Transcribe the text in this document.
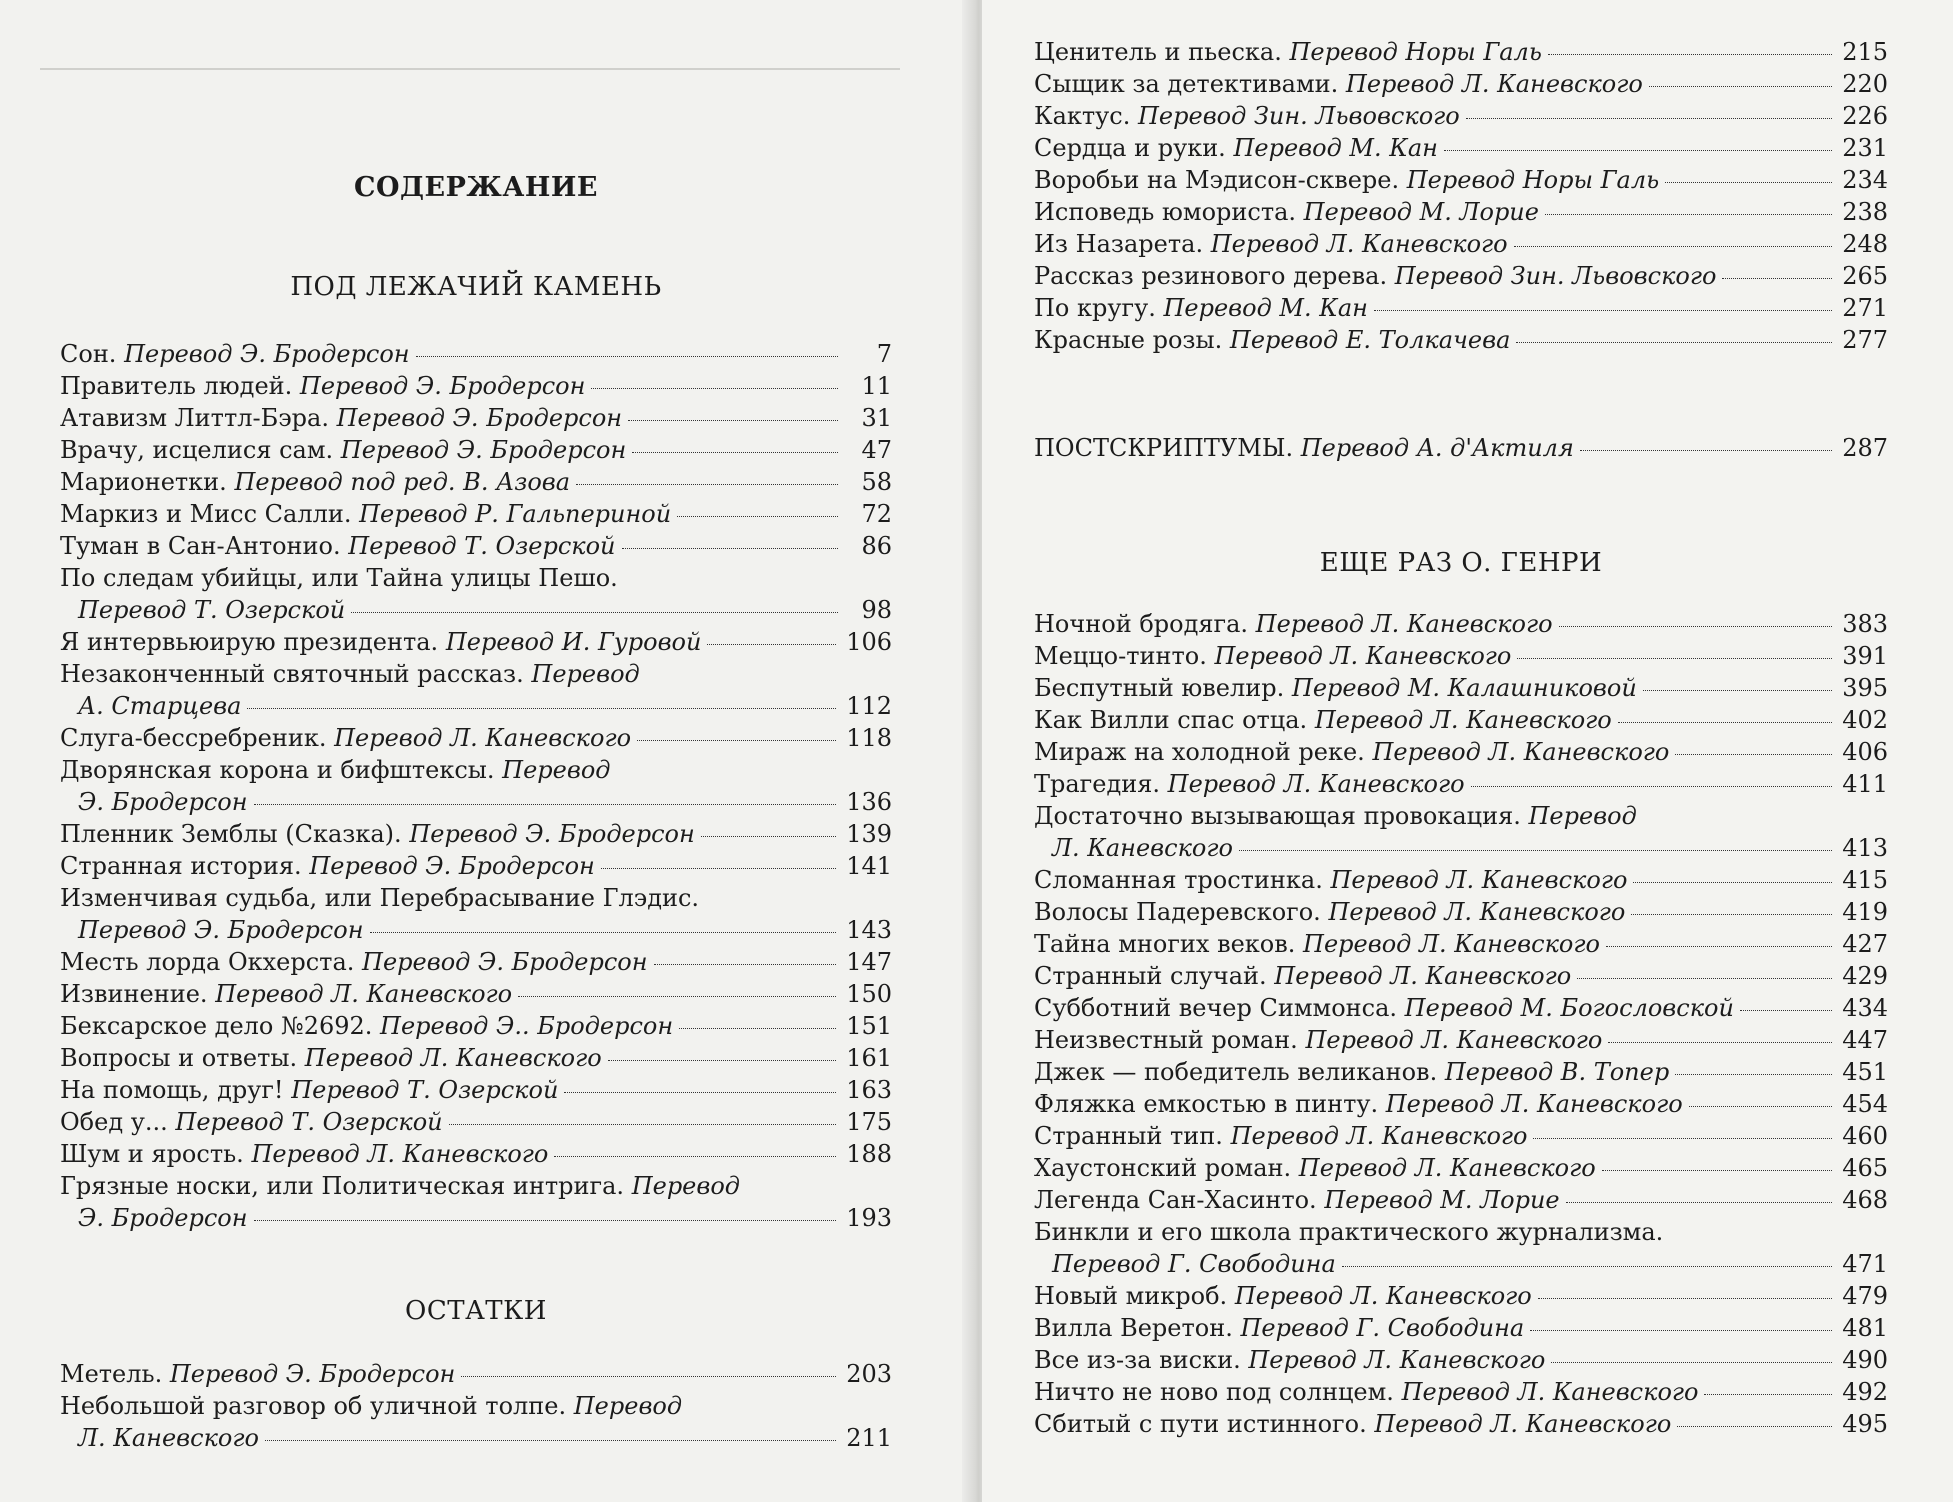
СОДЕРЖАНИЕ
ПОД ЛЕЖАЧИЙ КАМЕНЬ
Сон. Перевод Э. Бродерсон	7
Правитель людей. Перевод Э. Бродерсон	11
Атавизм Литтл-Бэра. Перевод Э. Бродерсон	31
Врачу, исцелися сам. Перевод Э. Бродерсон	47
Марионетки. Перевод под ред. В. Азова	58
Маркиз и Мисс Салли. Перевод Р. Гальпериной	72
Туман в Сан-Антонио. Перевод Т. Озерской	86
По следам убийцы, или Тайна улицы Пешо.
Перевод Т. Озерской	98
Я интервьюирую президента. Перевод И. Гуровой	106
Незаконченный святочный рассказ. Перевод
А. Старцева	112
Слуга-бессребреник. Перевод Л. Каневского	118
Дворянская корона и бифштексы. Перевод
Э. Бродерсон	136
Пленник Земблы (Сказка). Перевод Э. Бродерсон	139
Странная история. Перевод Э. Бродерсон	141
Изменчивая судьба, или Перебрасывание Глэдис.
Перевод Э. Бродерсон	143
Месть лорда Окхерста. Перевод Э. Бродерсон	147
Извинение. Перевод Л. Каневского	150
Бексарское дело №2692. Перевод Э.. Бродерсон	151
Вопросы и ответы. Перевод Л. Каневского	161
На помощь, друг! Перевод Т. Озерской	163
Обед у... Перевод Т. Озерской	175
Шум и ярость. Перевод Л. Каневского	188
Грязные носки, или Политическая интрига. Перевод
Э. Бродерсон	193
ОСТАТКИ
Метель. Перевод Э. Бродерсон	203
Небольшой разговор об уличной толпе. Перевод
Л. Каневского	211
Ценитель и пьеска. Перевод Норы Галь	215
Сыщик за детективами. Перевод Л. Каневского	220
Кактус. Перевод Зин. Львовского	226
Сердца и руки. Перевод М. Кан	231
Воробьи на Мэдисон-сквере. Перевод Норы Галь	234
Исповедь юмориста. Перевод М. Лорие	238
Из Назарета. Перевод Л. Каневского	248
Рассказ резинового дерева. Перевод Зин. Львовского	265
По кругу. Перевод М. Кан	271
Красные розы. Перевод Е. Толкачева	277
ПОСТСКРИПТУМЫ. Перевод А. д'Актиля	287
ЕЩЕ РАЗ О. ГЕНРИ
Ночной бродяга. Перевод Л. Каневского	383
Меццо-тинто. Перевод Л. Каневского	391
Беспутный ювелир. Перевод М. Калашниковой	395
Как Вилли спас отца. Перевод Л. Каневского	402
Мираж на холодной реке. Перевод Л. Каневского	406
Трагедия. Перевод Л. Каневского	411
Достаточно вызывающая провокация. Перевод
Л. Каневского	413
Сломанная тростинка. Перевод Л. Каневского	415
Волосы Падеревского. Перевод Л. Каневского	419
Тайна многих веков. Перевод Л. Каневского	427
Странный случай. Перевод Л. Каневского	429
Субботний вечер Симмонса. Перевод М. Богословской	434
Неизвестный роман. Перевод Л. Каневского	447
Джек — победитель великанов. Перевод В. Топер	451
Фляжка емкостью в пинту. Перевод Л. Каневского	454
Странный тип. Перевод Л. Каневского	460
Хаустонский роман. Перевод Л. Каневского	465
Легенда Сан-Хасинто. Перевод М. Лорие	468
Бинкли и его школа практического журнализма.
Перевод Г. Свободина	471
Новый микроб. Перевод Л. Каневского	479
Вилла Веретон. Перевод Г. Свободина	481
Все из-за виски. Перевод Л. Каневского	490
Ничто не ново под солнцем. Перевод Л. Каневского	492
Сбитый с пути истинного. Перевод Л. Каневского	495
